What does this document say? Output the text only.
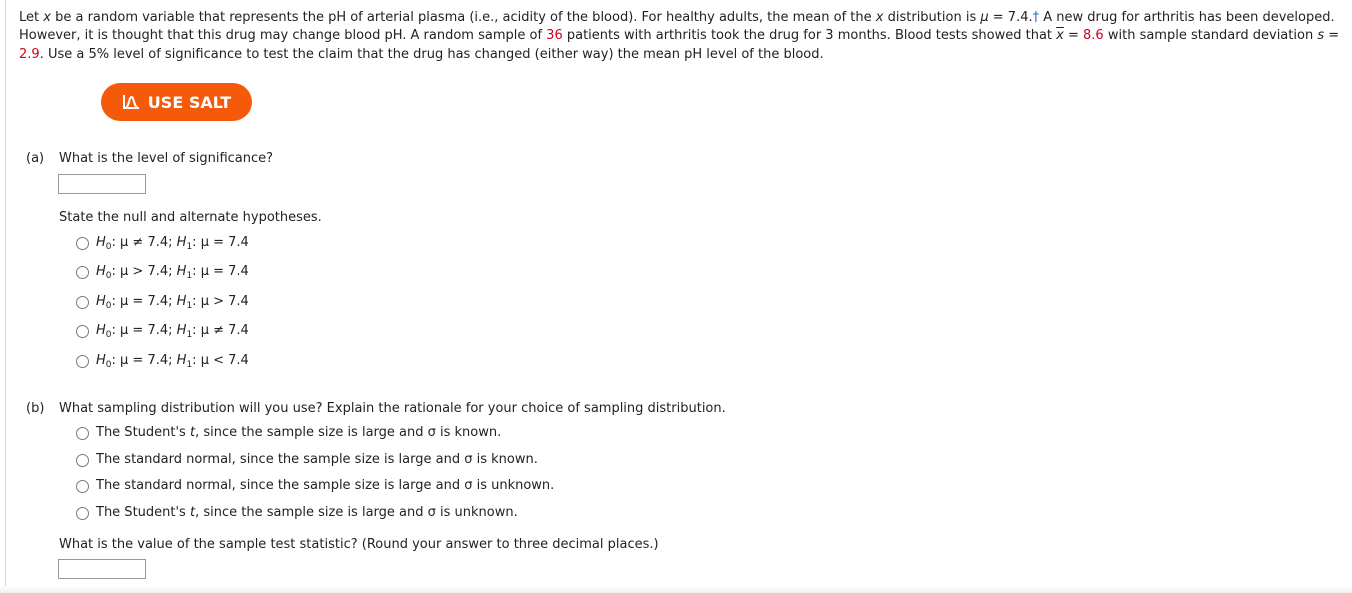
Let x be a random variable that represents the pH of arterial plasma (i.e., acidity of the blood). For healthy adults, the mean of the x distribution is μ = 7.4.† A new drug for arthritis has been developed. However, it is thought that this drug may change blood pH. A random sample of 36 patients with arthritis took the drug for 3 months. Blood tests showed that $\overline{x} = 8.6$ with sample standard deviation s = 2.9. Use a 5% level of significance to test the claim that the drug has changed (either way) the mean pH level of the blood.
USE SALT
(a) What is the level of significance?
State the null and alternate hypotheses.
$H_0$: μ ≠ 7.4; $H_1$: μ = 7.4
$H_0$: μ > 7.4; $H_1$: μ = 7.4
$H_0$: μ = 7.4; $H_1$: μ > 7.4
$H_0$: μ = 7.4; $H_1$: μ ≠ 7.4
$H_0$: μ = 7.4; $H_1$: μ < 7.4
(b) What sampling distribution will you use? Explain the rationale for your choice of sampling distribution.
The Student's t, since the sample size is large and σ is known.
The standard normal, since the sample size is large and σ is known.
The standard normal, since the sample size is large and σ is unknown.
The Student's t, since the sample size is large and σ is unknown.
What is the value of the sample test statistic? (Round your answer to three decimal places.)
